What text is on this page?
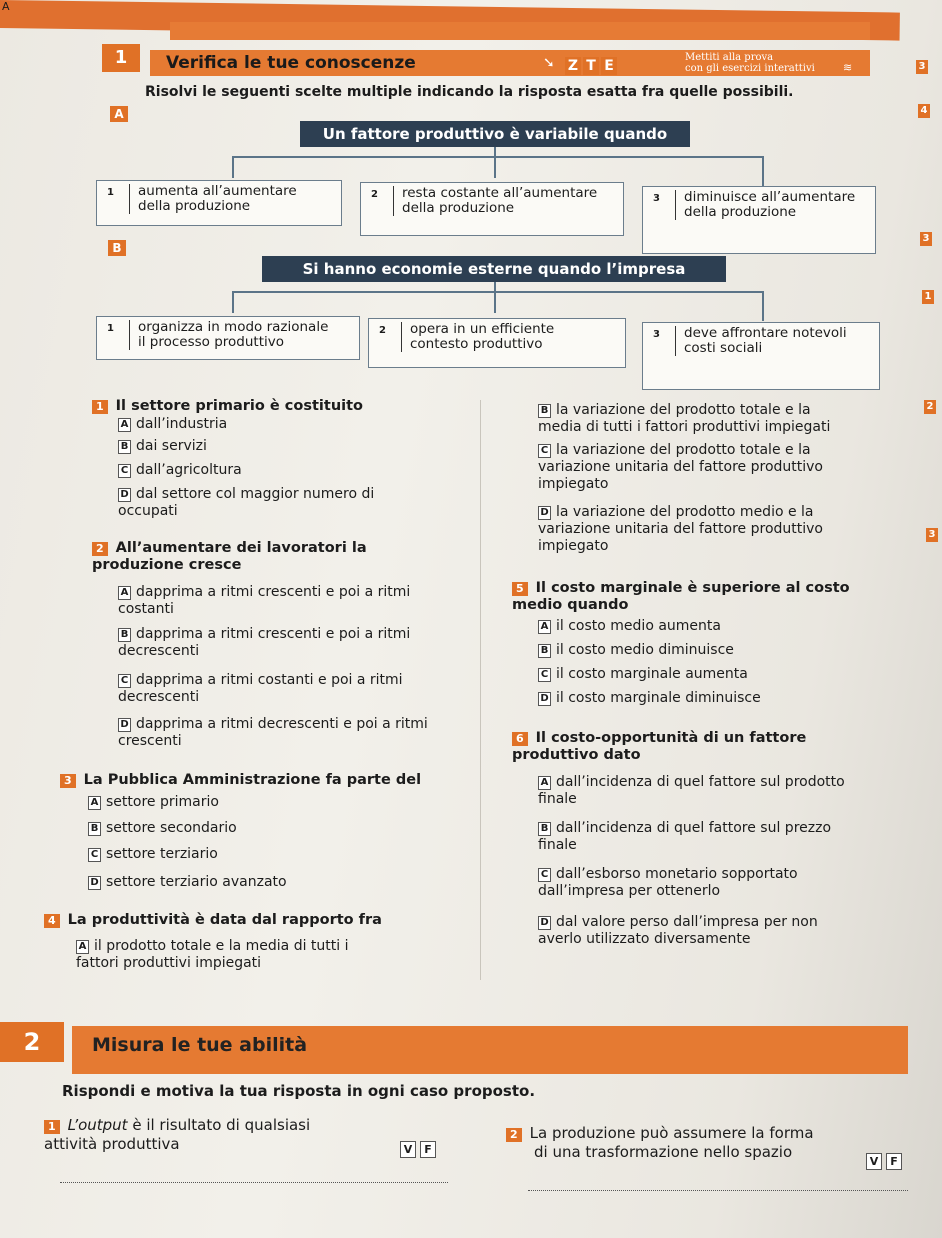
A
1	Verifica le tue conoscenze	➘ Z T E
Mettiti alla prova
con gli esercizi interattivi	≋
Risolvi le seguenti scelte multiple indicando la risposta esatta fra quelle possibili.
A
Un fattore produttivo è variabile quando
1	aumenta all’aumentare
della produzione
2	resta costante all’aumentare
della produzione
3	diminuisce all’aumentare
della produzione
B
Si hanno economie esterne quando l’impresa
1	organizza in modo razionale
il processo produttivo
2	opera in un efficiente
contesto produttivo
3	deve affrontare notevoli
costi sociali
1 Il settore primario è costituito
A dall’industria
B dai servizi
C dall’agricoltura
D dal settore col maggior numero di
occupati
2 All’aumentare dei lavoratori la
produzione cresce
A dapprima a ritmi crescenti e poi a ritmi
costanti
B dapprima a ritmi crescenti e poi a ritmi
decrescenti
C dapprima a ritmi costanti e poi a ritmi
decrescenti
D dapprima a ritmi decrescenti e poi a ritmi
crescenti
3 La Pubblica Amministrazione fa parte del
A settore primario
B settore secondario
C settore terziario
D settore terziario avanzato
4 La produttività è data dal rapporto fra
A il prodotto totale e la media di tutti i
fattori produttivi impiegati
B la variazione del prodotto totale e la
media di tutti i fattori produttivi impiegati
C la variazione del prodotto totale e la
variazione unitaria del fattore produttivo
impiegato
D la variazione del prodotto medio e la
variazione unitaria del fattore produttivo
impiegato
5 Il costo marginale è superiore al costo
medio quando
A il costo medio aumenta
B il costo medio diminuisce
C il costo marginale aumenta
D il costo marginale diminuisce
6 Il costo-opportunità di un fattore
produttivo dato
A dall’incidenza di quel fattore sul prodotto
finale
B dall’incidenza di quel fattore sul prezzo
finale
C dall’esborso monetario sopportato
dall’impresa per ottenerlo
D dal valore perso dall’impresa per non
averlo utilizzato diversamente
2	Misura le tue abilità
Rispondi e motiva la tua risposta in ogni caso proposto.
1 L’output è il risultato di qualsiasi
attività produttiva	V F
2 La produzione può assumere la forma
di una trasformazione nello spazio
V F
3
4
3
1
2
3
